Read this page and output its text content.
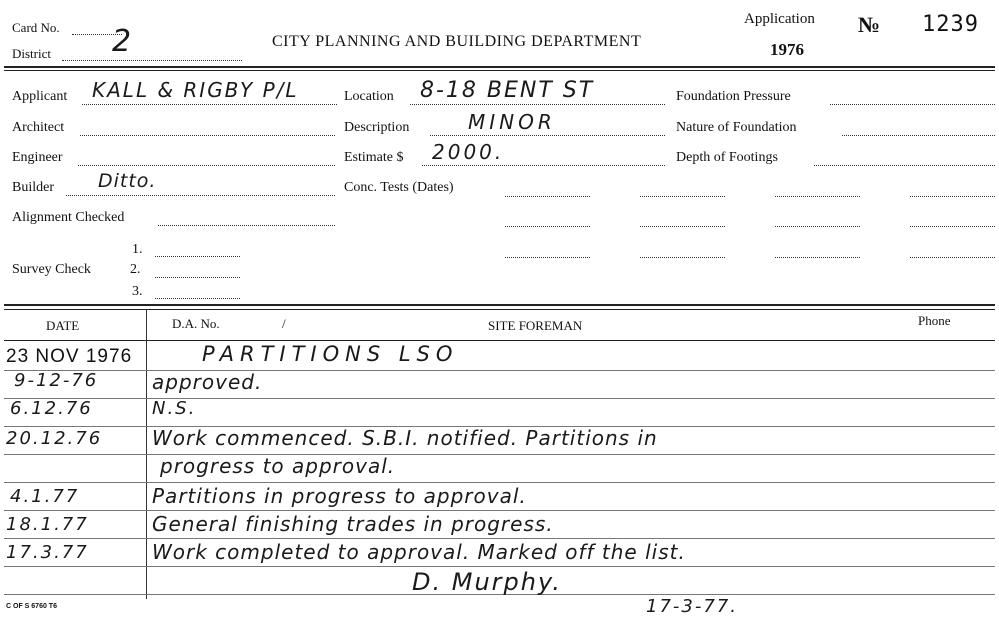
Card No.
District 2	CITY PLANNING AND BUILDING DEPARTMENT
Application
1976
№ 1239
Applicant KALL & RIGBY P/L
Architect
Engineer
Builder Ditto.
Alignment Checked
Survey Check
1.
2.
3.
Location 8-18 BENT ST
Description	MINOR
Estimate $ 2000.
Conc. Tests (Dates)
Foundation Pressure
Nature of Foundation
Depth of Footings
DATE	D.A. No.	/	SITE FOREMAN	Phone
23 NOV 1976	PARTITIONS LSO
9-12-76	approved.
6.12.76	N.S.
20.12.76 Work commenced. S.B.I. notified. Partitions in
progress to approval.
4.1.77	Partitions in progress to approval.
18.1.77	General finishing trades in progress.
17.3.77	Work completed to approval. Marked off the list.
D. Murphy.
17-3-77.
C OF S 6760 T6
